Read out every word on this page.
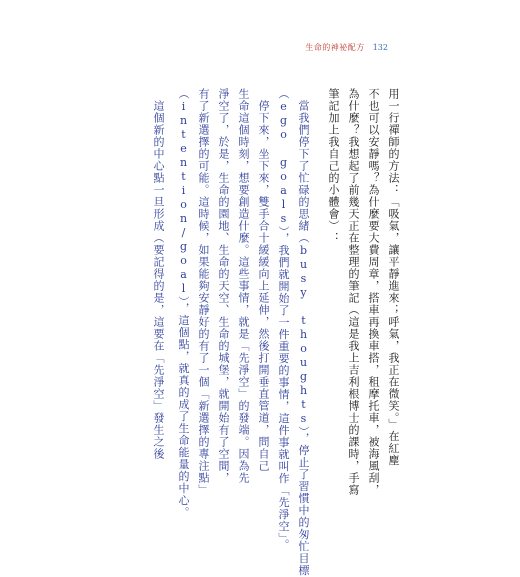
生命的神祕配方 132
用一行禪師的方法：「吸氣，讓平靜進來；呼氣，我正在微笑。」在紅塵
不也可以安靜嗎？為什麼要大費周章，搭車再換車搭，租摩托車，被海風刮，
為什麼？我想起了前幾天正在整理的筆記（這是我上吉利根博士的課時，手寫
筆記加上我自己的小體會）：
當我們停下了忙碌的思緒（busy thoughts），停止了習慣中的匆忙目標
（ego goals），我們就開始了一件重要的事情，這件事就叫作「先淨空」。
停下來，坐下來，雙手合十緩緩向上延伸，然後打開垂直管道，問自己
生命這個時刻，想要創造什麼。這些事情，就是「先淨空」的發端。因為先
淨空了，於是，生命的園地、生命的天空、生命的城堡，就開始有了空間，
有了新選擇的可能。這時候，如果能夠安靜好的有了一個「新選擇的專注點」
（intention/goal），這個點，就真的成了生命能量的中心。
這個新的中心點一旦形成（要記得的是，這要在「先淨空」發生之後
